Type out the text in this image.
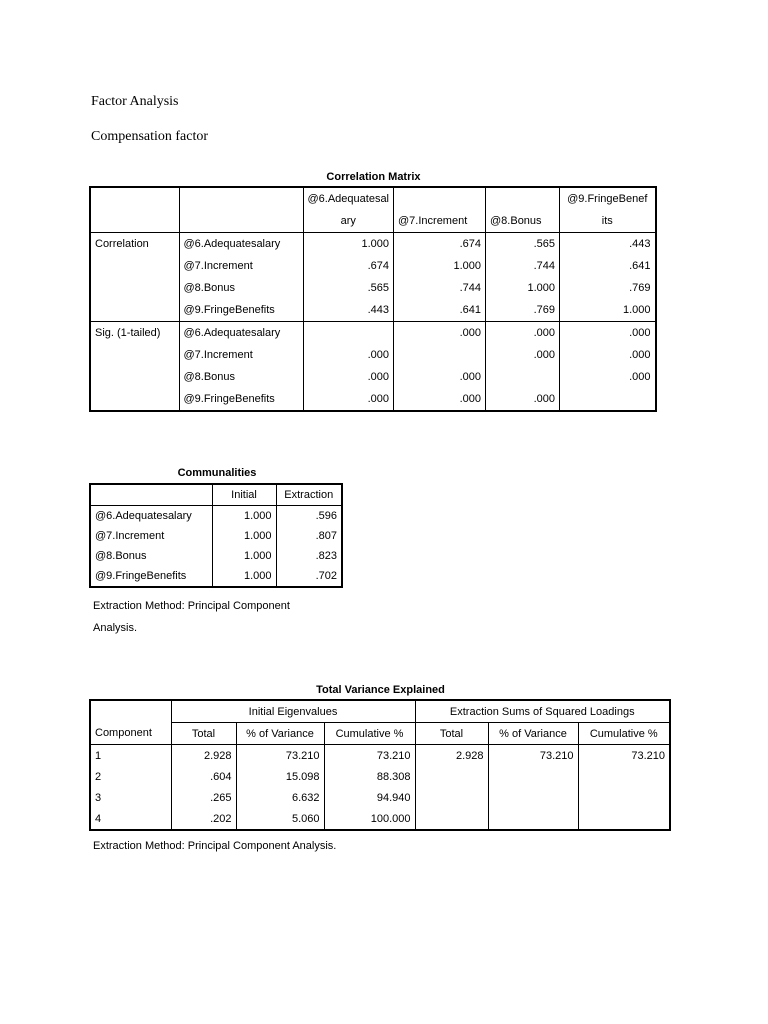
Factor Analysis
Compensation factor
Correlation Matrix
		@6.Adequatesal			@9.FringeBenef
		ary	@7.Increment	@8.Bonus	its
Correlation	@6.Adequatesalary	1.000	.674	.565	.443
	@7.Increment	.674	1.000	.744	.641
	@8.Bonus	.565	.744	1.000	.769
	@9.FringeBenefits	.443	.641	.769	1.000
Sig. (1-tailed)	@6.Adequatesalary		.000	.000	.000
	@7.Increment	.000		.000	.000
	@8.Bonus	.000	.000		.000
	@9.FringeBenefits	.000	.000	.000	
Communalities
	Initial	Extraction
@6.Adequatesalary	1.000	.596
@7.Increment	1.000	.807
@8.Bonus	1.000	.823
@9.FringeBenefits	1.000	.702

Extraction Method: Principal Component

Analysis.

Total Variance Explained
	Initial Eigenvalues			Extraction Sums of Squared Loadings		
Component	Total	% of Variance	Cumulative %	Total	% of Variance	Cumulative %
1	2.928	73.210	73.210	2.928	73.210	73.210
2	.604	15.098	88.308			
3	.265	6.632	94.940			
4	.202	5.060	100.000			

Extraction Method: Principal Component Analysis.
